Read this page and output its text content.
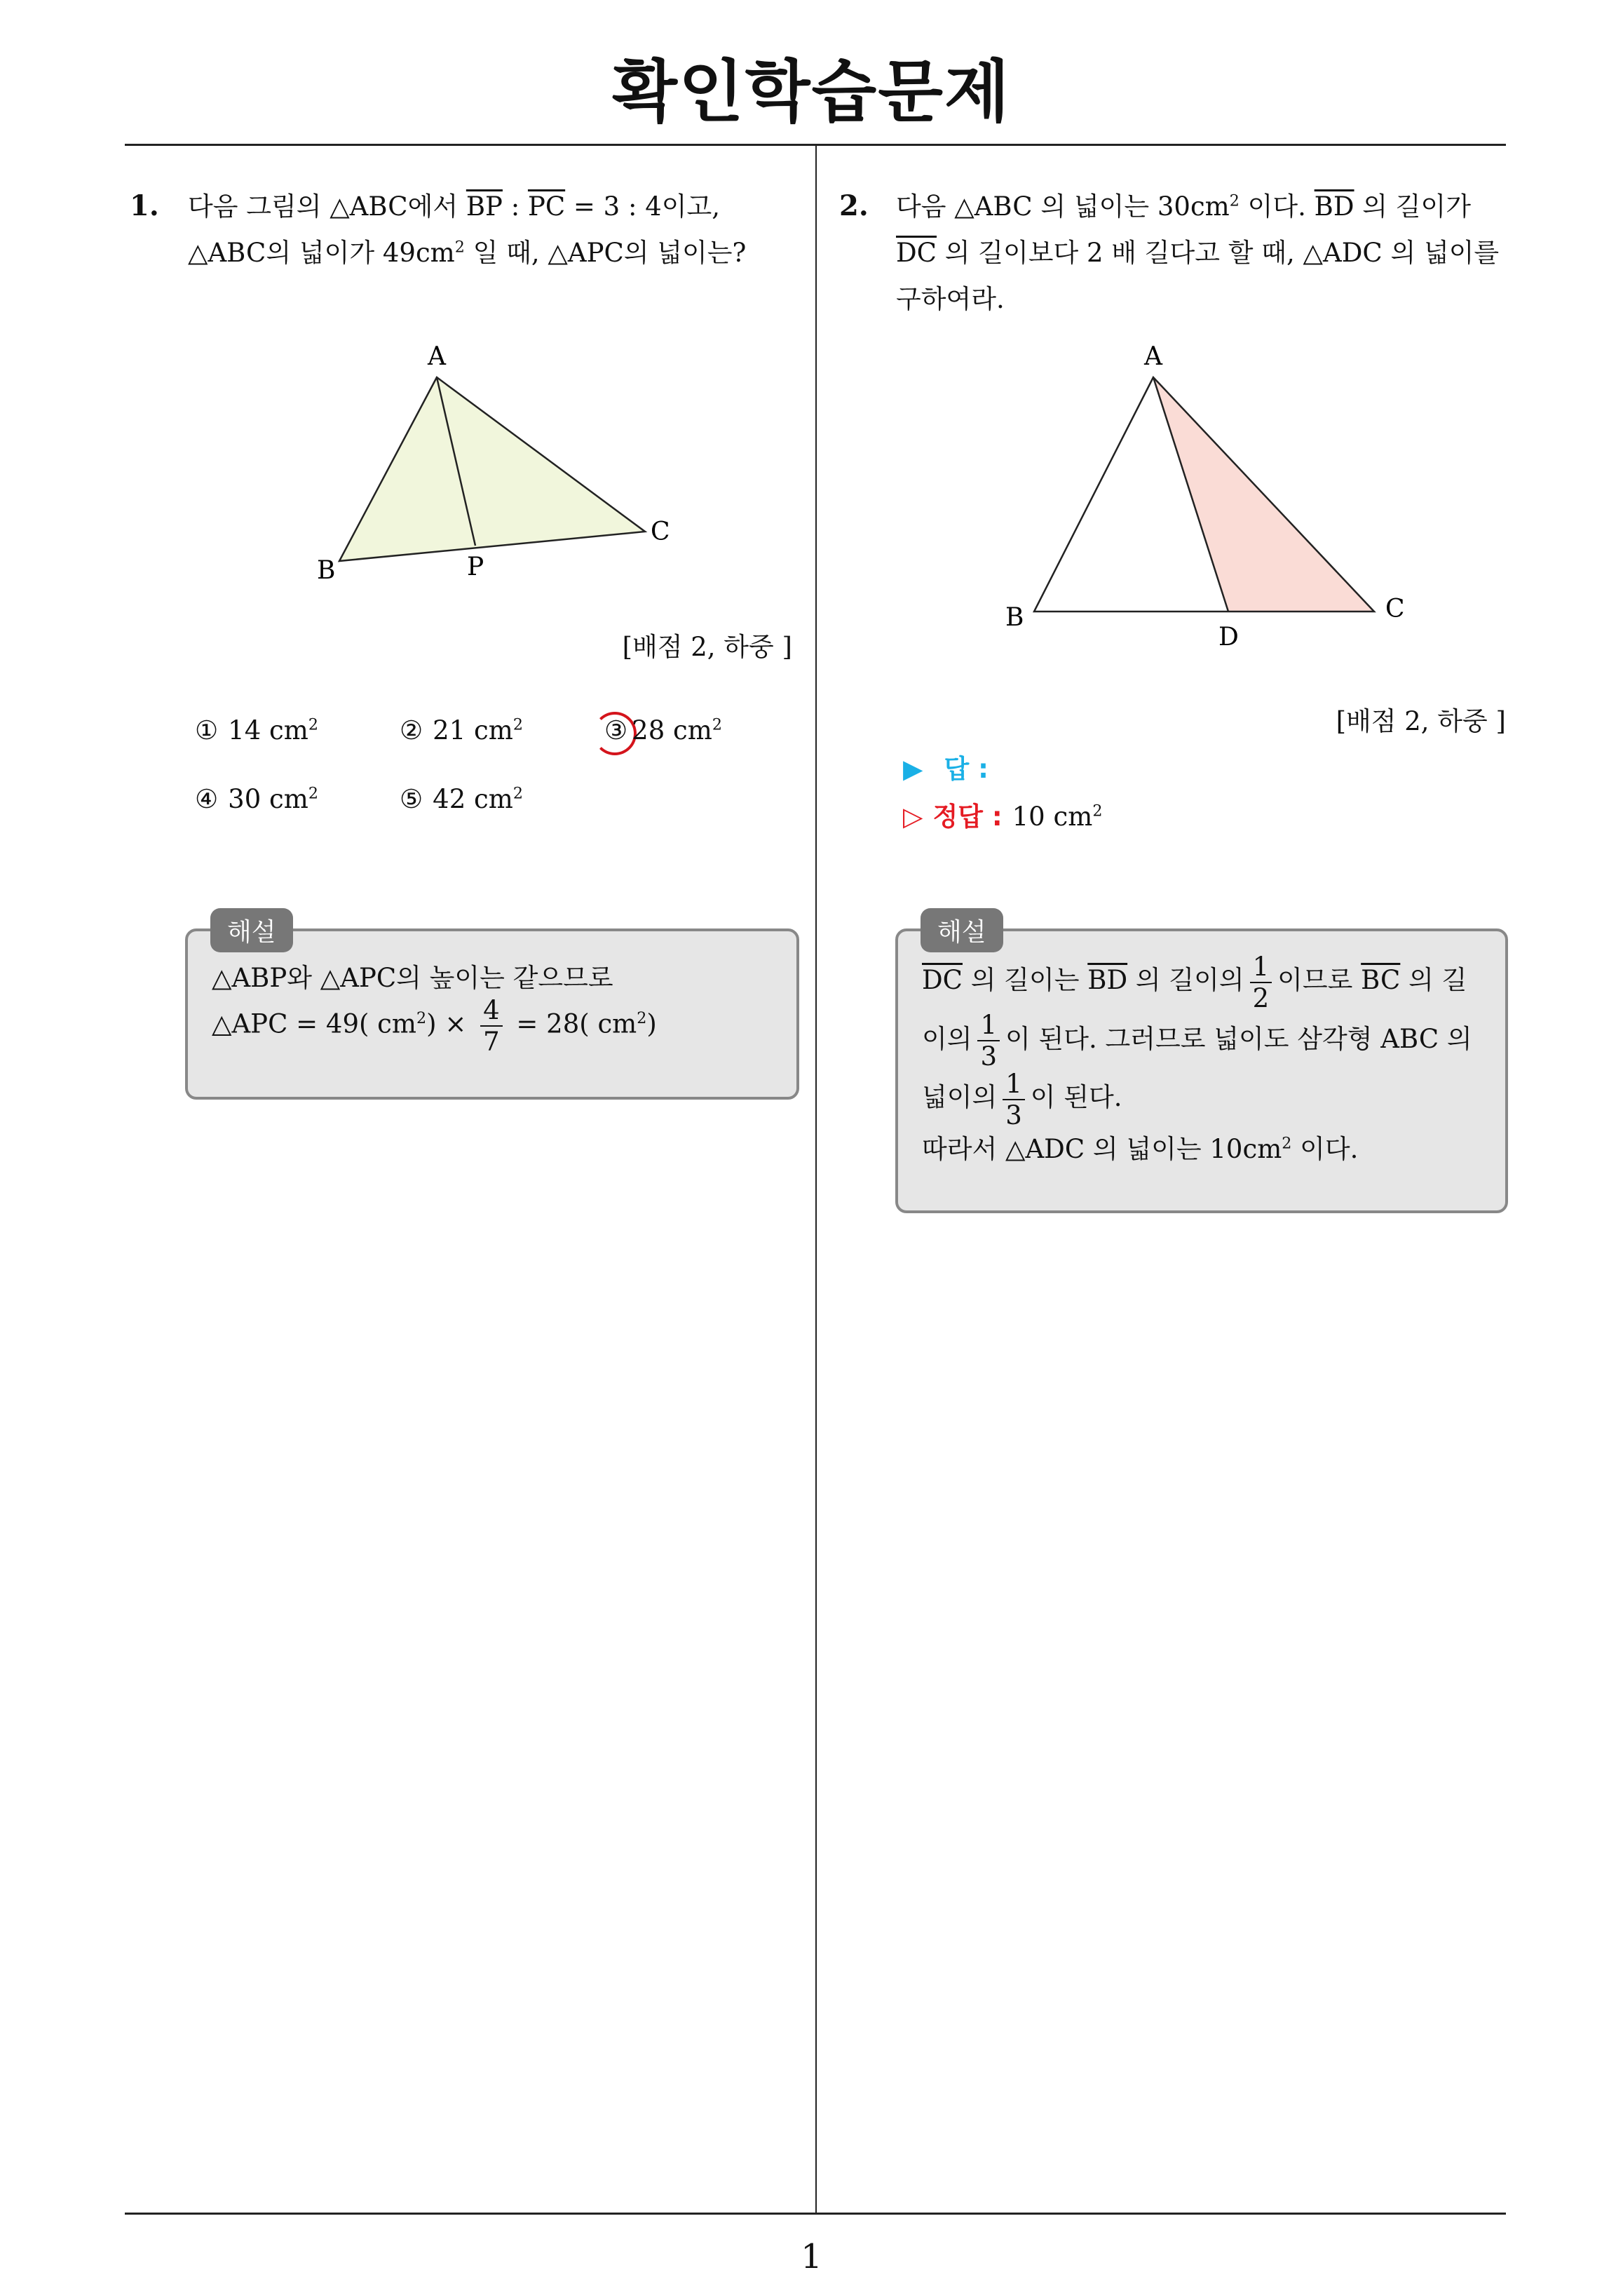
확인학습문제
1. 다음 그림의 △ABC에서 $\overline{BP}$ : $\overline{PC} = 3$ : 4이고,
△ABC의 넓이가 $49cm^2$ 일 때, △APC의 넓이는?
A
B
C
P
[배점 2, 하중 ]
① 14 $cm^2$	② 21 $cm^2$	③ 28 $cm^2$
④ 30 $cm^2$	⑤ 42 $cm^2$
△ABP와 △APC의 높이는 같으므로
△APC = 49( $cm^2) \times \frac{4}{7} = 28$( $cm^2$)
해설
2. 다음 △ABC 의 넓이는 $30cm^2$ 이다. $\overline{BD}$ 의 길이가
$\overline{DC}$ 의 길이보다 2 배 길다고 할 때, △ADC 의 넓이를
구하여라.
A
B	C
D
[배점 2, 하중 ]
▶ 답 :
▷ 정답 : 10 $cm^2$
$\overline{DC}$ 의 길이는 $\overline{BD}$ 의 길이의 $\frac{1}{2}$ 이므로 $\overline{BC}$ 의 길
이의 $\frac{1}{3}$ 이 된다. 그러므로 넓이도 삼각형 ABC 의
넓이의 $\frac{1}{3}$ 이 된다.
따라서 △ADC 의 넓이는 $10cm^2$ 이다.
해설
1
